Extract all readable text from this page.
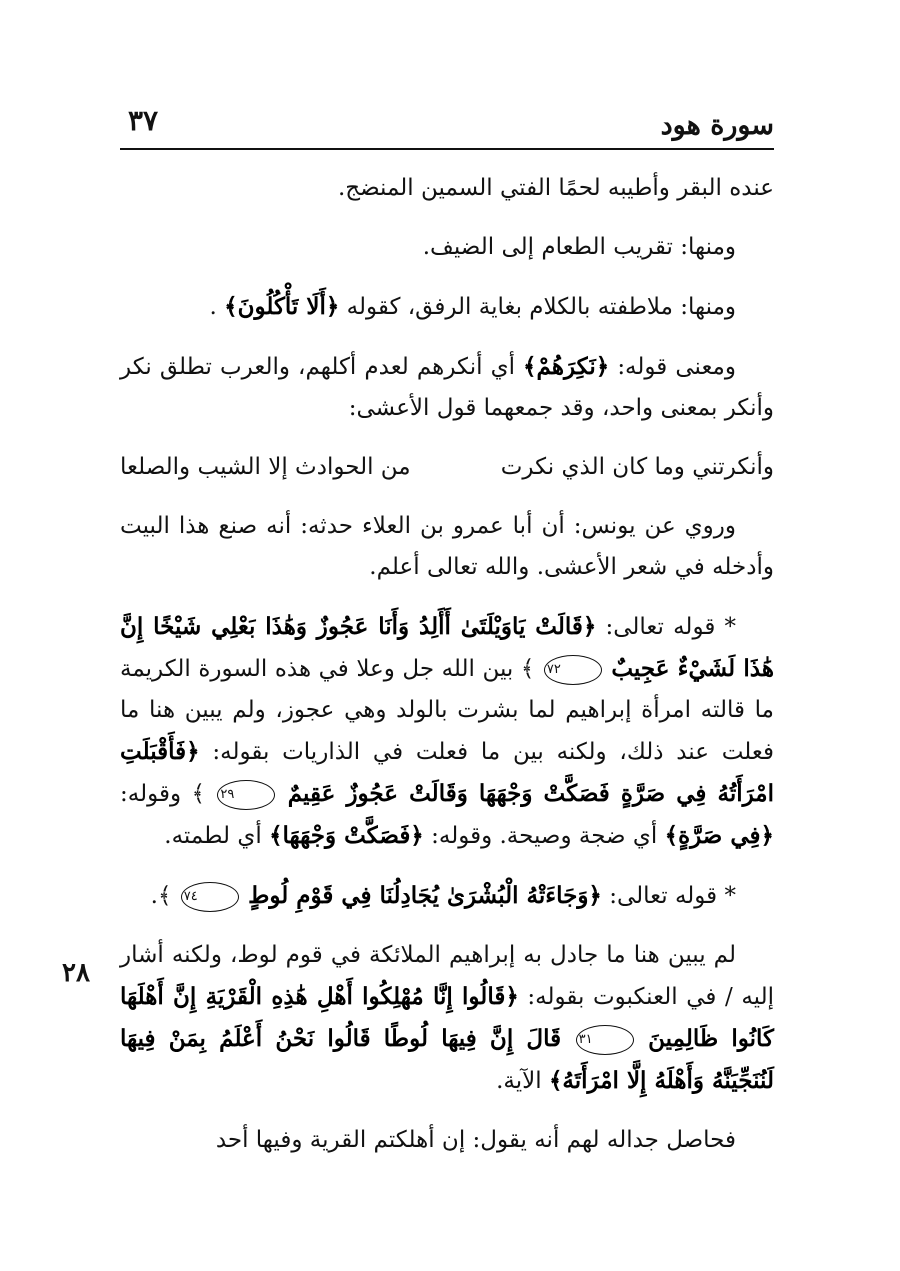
سورة هود
٣٧
٢٨

عنده البقر وأطيبه لحمًا الفتي السمين المنضج.

ومنها: تقريب الطعام إلى الضيف.

ومنها: ملاطفته بالكلام بغاية الرفق، كقوله ﴿أَلَا تَأْكُلُونَ﴾ .

ومعنى قوله: ﴿نَكِرَهُمْ﴾ أي أنكرهم لعدم أكلهم، والعرب تطلق نكر وأنكر بمعنى واحد، وقد جمعهما قول الأعشى:

وأنكرتني وما كان الذي نكرت
من الحوادث إلا الشيب والصلعا

وروي عن يونس: أن أبا عمرو بن العلاء حدثه: أنه صنع هذا البيت وأدخله في شعر الأعشى. والله تعالى أعلم.

* قوله تعالى: ﴿قَالَتْ يَاوَيْلَتَىٰ أَأَلِدُ وَأَنَا عَجُوزٌ وَهَٰذَا بَعْلِي شَيْخًا إِنَّ هَٰذَا لَشَيْءٌ عَجِيبٌ ٧٢ ﴾ بين الله جل وعلا في هذه السورة الكريمة ما قالته امرأة إبراهيم لما بشرت بالولد وهي عجوز، ولم يبين هنا ما فعلت عند ذلك، ولكنه بين ما فعلت في الذاريات بقوله: ﴿فَأَقْبَلَتِ امْرَأَتُهُ فِي صَرَّةٍ فَصَكَّتْ وَجْهَهَا وَقَالَتْ عَجُوزٌ عَقِيمٌ ٢٩ ﴾ وقوله: ﴿فِي صَرَّةٍ﴾ أي ضجة وصيحة. وقوله: ﴿فَصَكَّتْ وَجْهَهَا﴾ أي لطمته.

* قوله تعالى: ﴿وَجَاءَتْهُ الْبُشْرَىٰ يُجَادِلُنَا فِي قَوْمِ لُوطٍ ٧٤ ﴾.

لم يبين هنا ما جادل به إبراهيم الملائكة في قوم لوط، ولكنه أشار إليه / في العنكبوت بقوله: ﴿قَالُوا إِنَّا مُهْلِكُوا أَهْلِ هَٰذِهِ الْقَرْيَةِ إِنَّ أَهْلَهَا كَانُوا ظَالِمِينَ ٣١ قَالَ إِنَّ فِيهَا لُوطًا قَالُوا نَحْنُ أَعْلَمُ بِمَنْ فِيهَا لَنُنَجِّيَنَّهُ وَأَهْلَهُ إِلَّا امْرَأَتَهُ﴾ الآية.

فحاصل جداله لهم أنه يقول: إن أهلكتم القرية وفيها أحد
